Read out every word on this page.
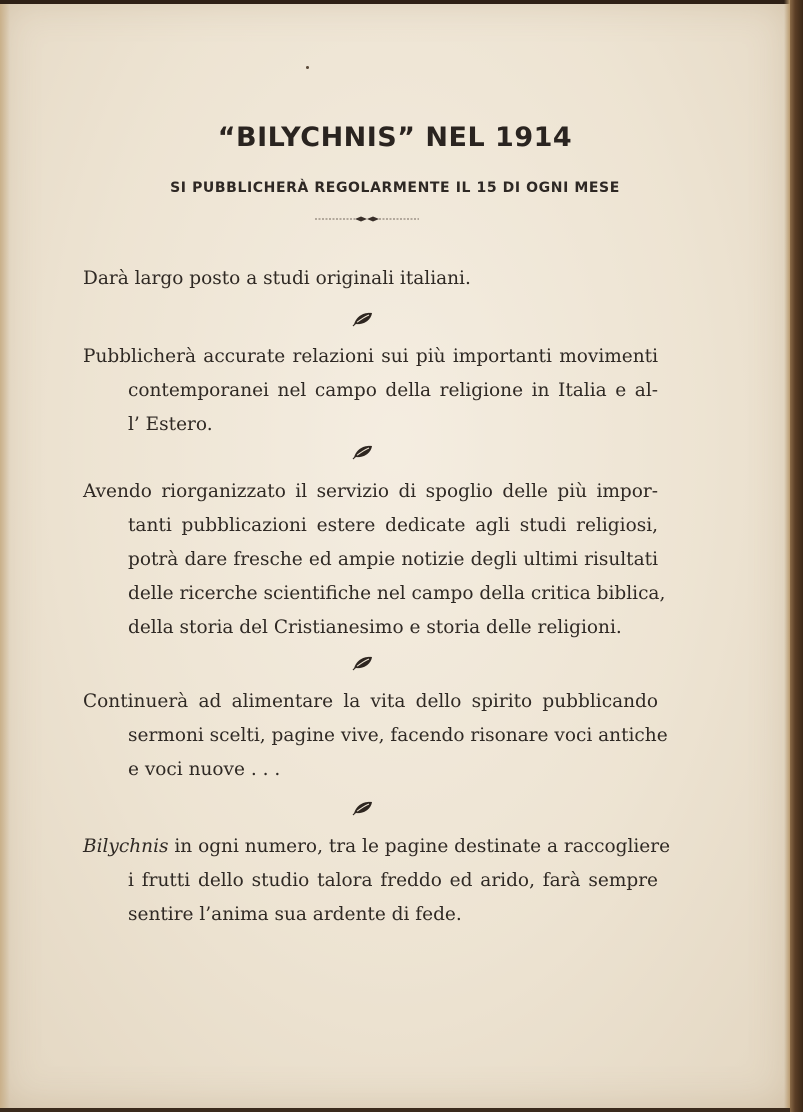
“BILYCHNIS” NEL 1914
SI PUBBLICHERÀ REGOLARMENTE IL 15 DI OGNI MESE
Darà largo posto a studi originali italiani.
Pubblicherà accurate relazioni sui più importanti movimenti
contemporanei nel campo della religione in Italia e al-
l’ Estero.
Avendo riorganizzato il servizio di spoglio delle più impor-
tanti pubblicazioni estere dedicate agli studi religiosi,
potrà dare fresche ed ampie notizie degli ultimi risultati
delle ricerche scientifiche nel campo della critica biblica,
della storia del Cristianesimo e storia delle religioni.
Continuerà ad alimentare la vita dello spirito pubblicando
sermoni scelti, pagine vive, facendo risonare voci antiche
e voci nuove . . .
Bilychnis in ogni numero, tra le pagine destinate a raccogliere
i frutti dello studio talora freddo ed arido, farà sempre
sentire l’anima sua ardente di fede.
